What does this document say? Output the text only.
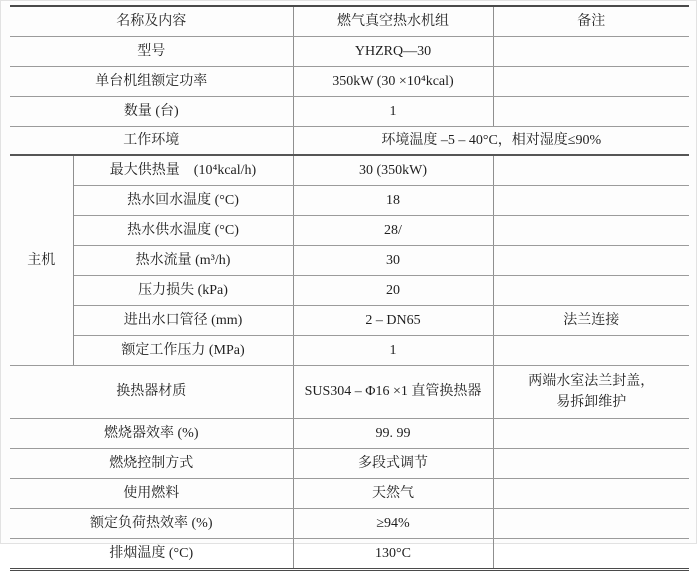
名称及内容		燃气真空热水机组	备注
型号		YHZRQ—30	
单台机组额定功率		350kW (30 ×10⁴kcal)	
数量 (台)		1	
工作环境		环境温度 –5 – 40°C，相对湿度≤90%	
主机	最大供热量 (10⁴kcal/h)	30 (350kW)	
	热水回水温度 (°C)	18	
	热水供水温度 (°C)	28/	
	热水流量 (m³/h)	30	
	压力损失 (kPa)	20	
	进出水口管径 (mm)	2 – DN65	法兰连接
	额定工作压力 (MPa)	1	
换热器材质		SUS304 – Φ16 ×1 直管换热器	两端水室法兰封盖，
易拆卸维护

燃烧器效率 (%)		99. 99	
燃烧控制方式		多段式调节	
使用燃料		天然气	
额定负荷热效率 (%)		≥94%	
排烟温度 (°C)		130°C	
